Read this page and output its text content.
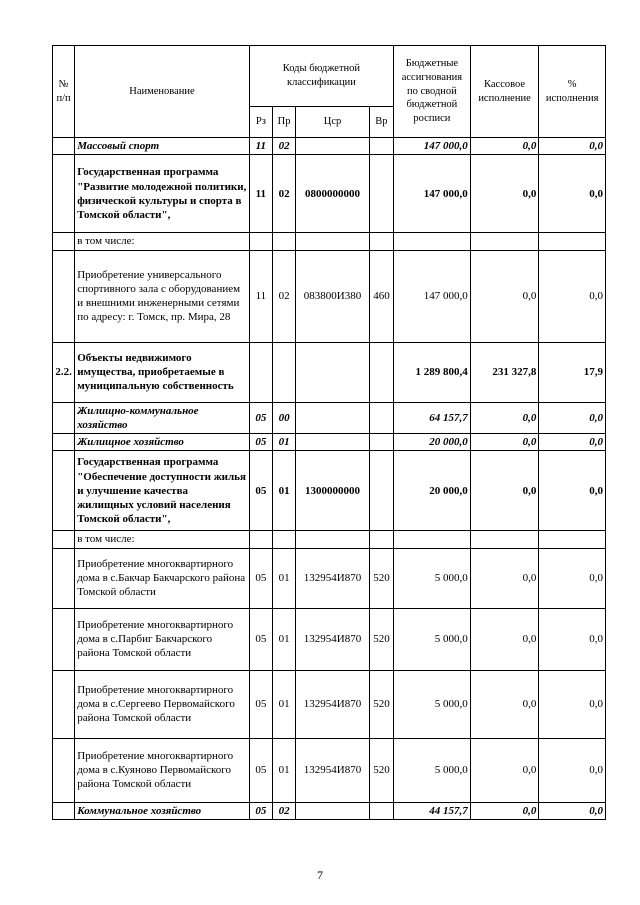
№ п/п	Наименование	Коды бюджетной классификации				Бюджетные ассигнования по сводной бюджетной росписи	Кассовое исполнение	% исполнения
		Рз	Пр	Цср	Вр			
	Массовый спорт	11	02			147 000,0	0,0	0,0
	Государственная программа "Развитие молодежной политики, физической культуры и спорта в Томской области",	11	02	0800000000		147 000,0	0,0	0,0
	в том числе:							
	Приобретение универсального спортивного зала с оборудованием и внешними инженерными сетями по адресу: г. Томск, пр. Мира, 28	11	02	083800И380	460	147 000,0	0,0	0,0
2.2.	Объекты недвижимого имущества, приобретаемые в муниципальную собственность					1 289 800,4	231 327,8	17,9
	Жилищно-коммунальное хозяйство	05	00			64 157,7	0,0	0,0
	Жилищное хозяйство	05	01			20 000,0	0,0	0,0
	Государственная программа "Обеспечение доступности жилья и улучшение качества жилищных условий населения Томской области",	05	01	1300000000		20 000,0	0,0	0,0
	в том числе:							
	Приобретение многоквартирного дома в с.Бакчар Бакчарского района Томской области	05	01	132954И870	520	5 000,0	0,0	0,0
	Приобретение многоквартирного дома в с.Парбиг Бакчарского района Томской области	05	01	132954И870	520	5 000,0	0,0	0,0
	Приобретение многоквартирного дома в с.Сергеево Первомайского района Томской области	05	01	132954И870	520	5 000,0	0,0	0,0
	Приобретение многоквартирного дома в с.Куяново Первомайского района Томской области	05	01	132954И870	520	5 000,0	0,0	0,0
	Коммунальное хозяйство	05	02			44 157,7	0,0	0,0
7
